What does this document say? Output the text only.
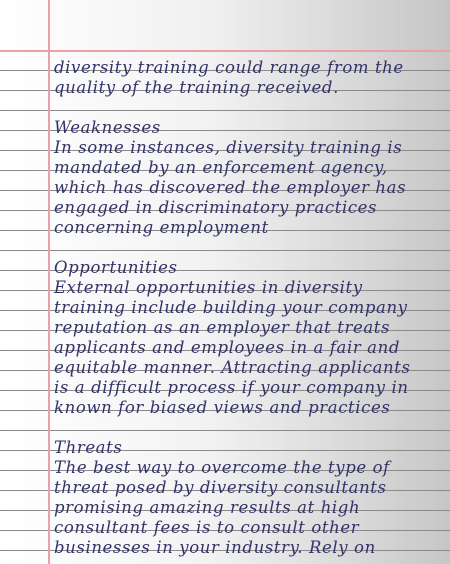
diversity training could range from the
quality of the training received.
Weaknesses
In some instances, diversity training is
mandated by an enforcement agency,
which has discovered the employer has
engaged in discriminatory practices
concerning employment
Opportunities
External opportunities in diversity
training include building your company
reputation as an employer that treats
applicants and employees in a fair and
equitable manner. Attracting applicants
is a difficult process if your company in
known for biased views and practices
Threats
The best way to overcome the type of
threat posed by diversity consultants
promising amazing results at high
consultant fees is to consult other
businesses in your industry. Rely on
